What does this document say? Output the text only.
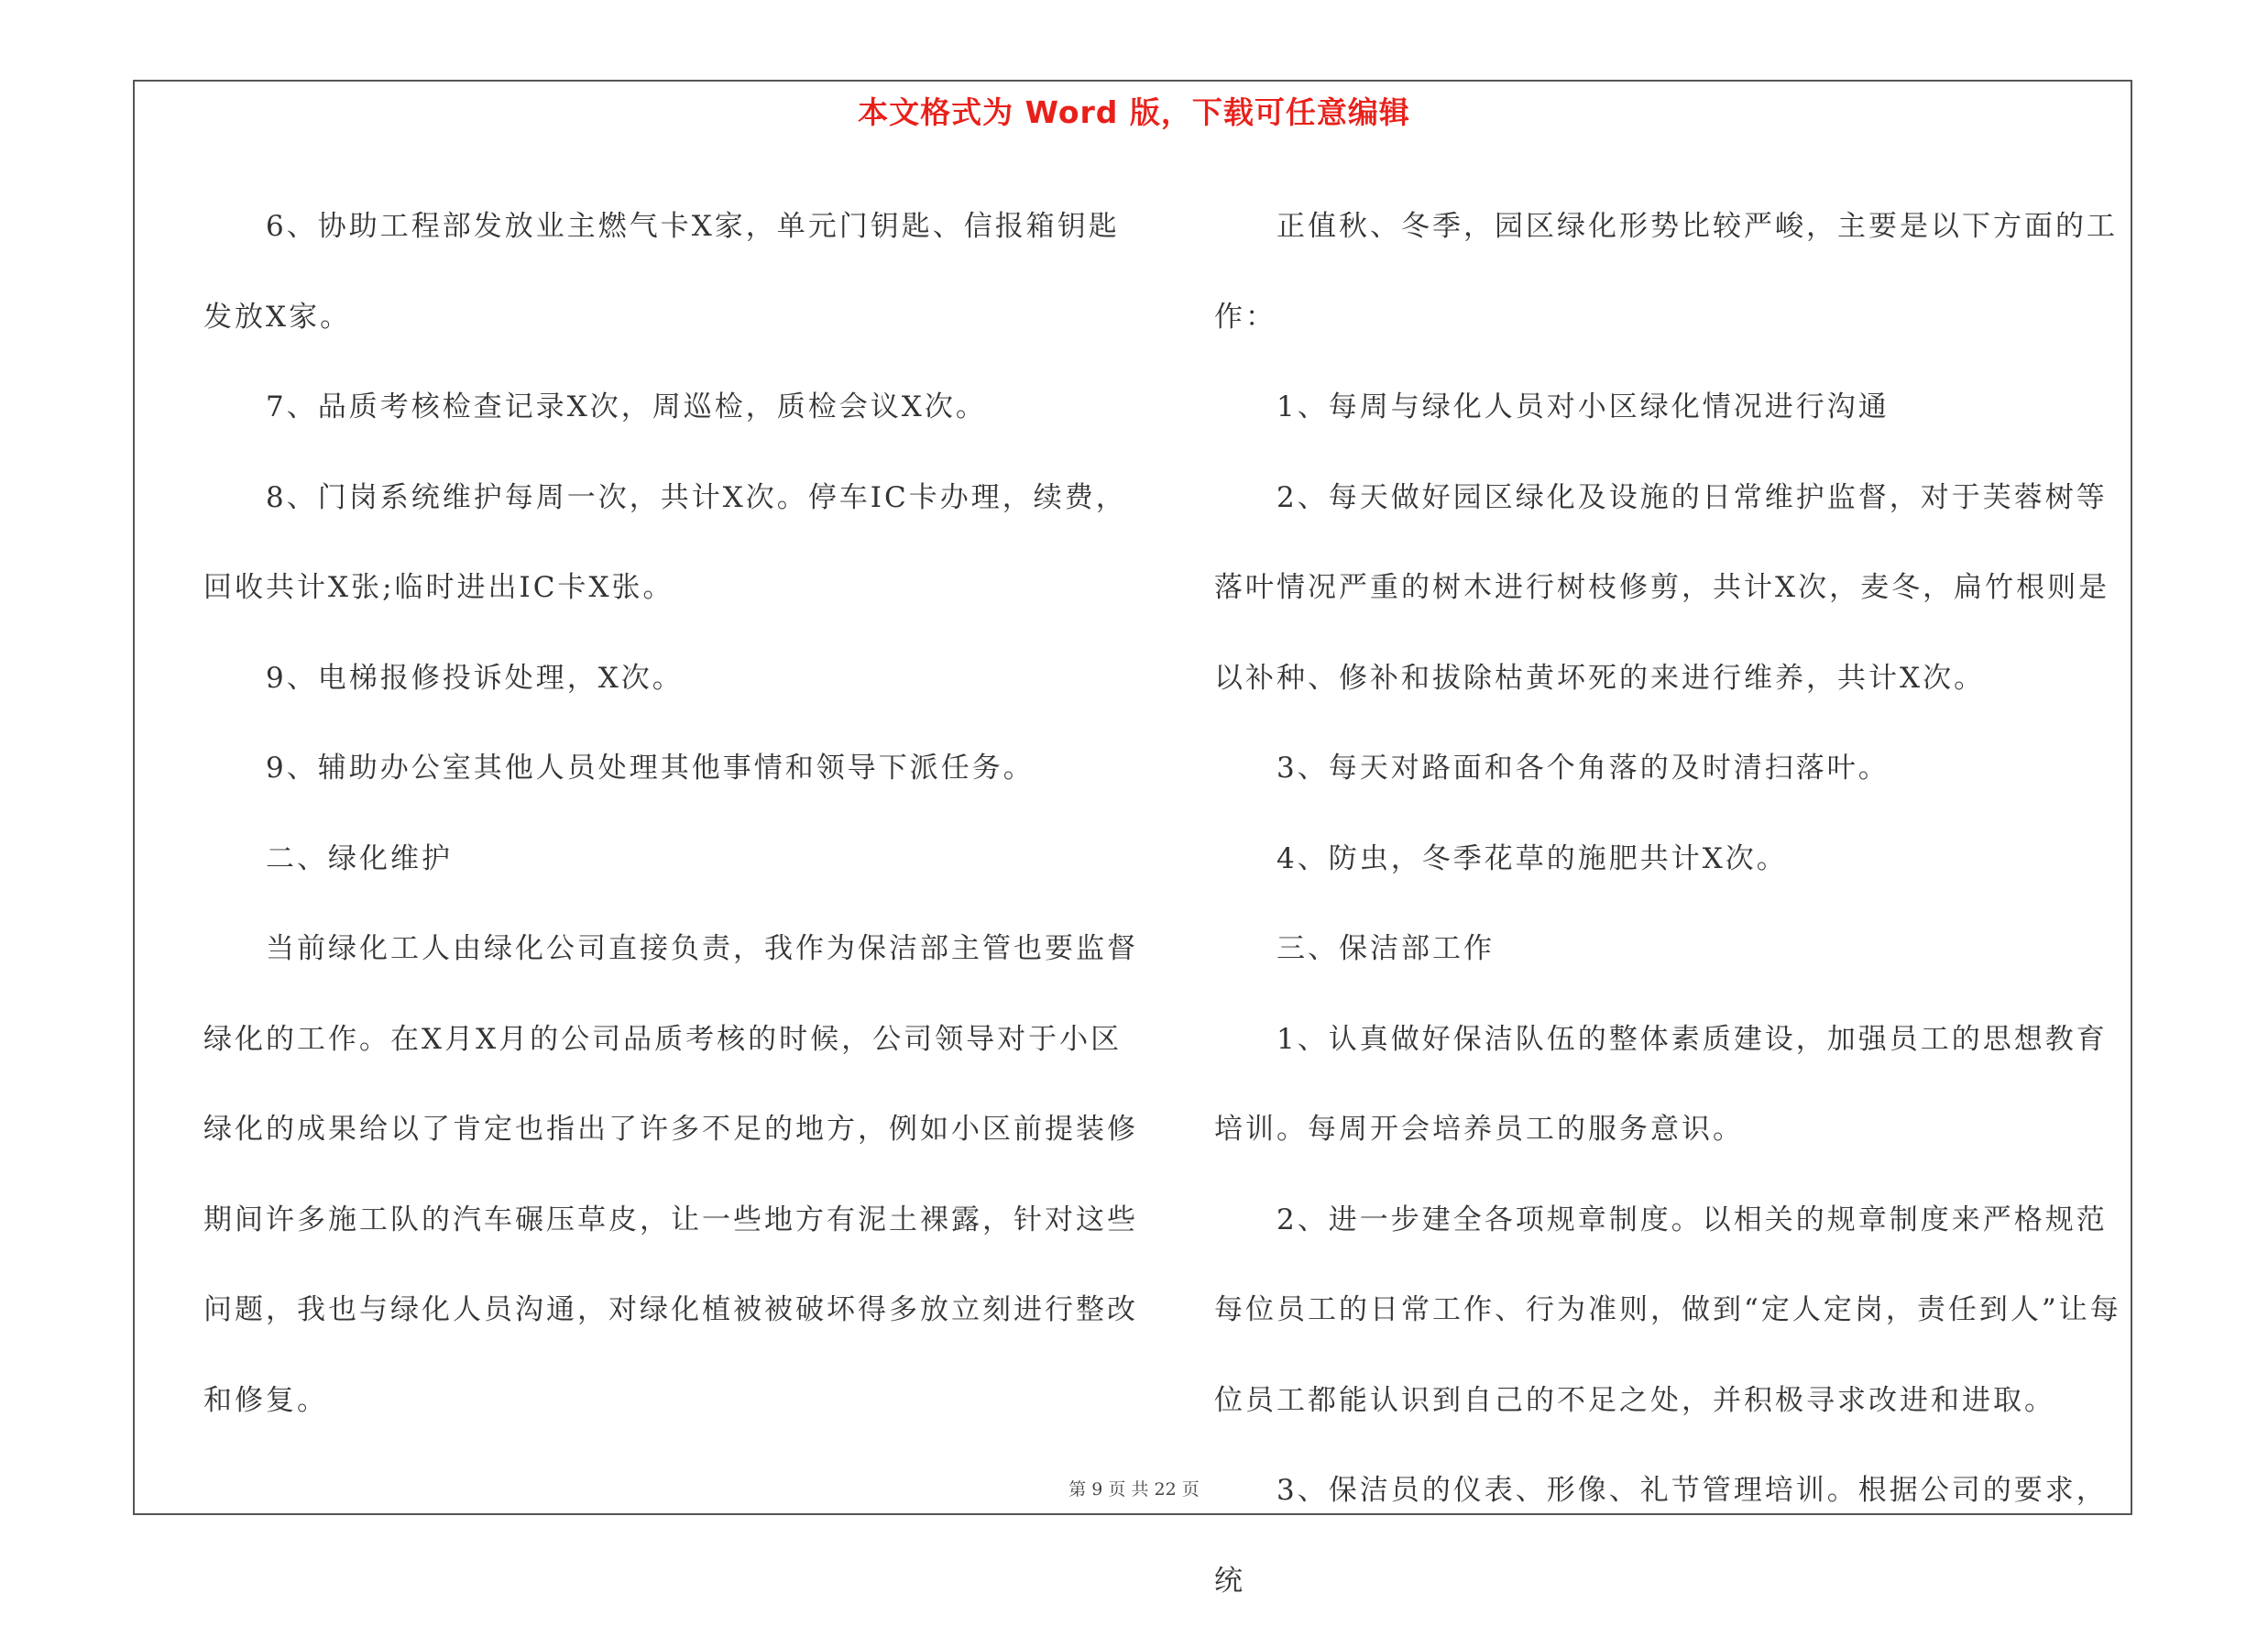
本文格式为 Word 版，下载可任意编辑

6、协助工程部发放业主燃气卡X家，单元门钥匙、信报箱钥匙发放X家。

7、品质考核检查记录X次，周巡检，质检会议X次。

8、门岗系统维护每周一次，共计X次。停车IC卡办理，续费，回收共计X张;临时进出IC卡X张。

9、电梯报修投诉处理，X次。

9、辅助办公室其他人员处理其他事情和领导下派任务。

二、绿化维护

当前绿化工人由绿化公司直接负责，我作为保洁部主管也要监督绿化的工作。在X月X月的公司品质考核的时候，公司领导对于小区绿化的成果给以了肯定也指出了许多不足的地方，例如小区前提装修期间许多施工队的汽车碾压草皮，让一些地方有泥土裸露，针对这些问题，我也与绿化人员沟通，对绿化植被被破坏得多放立刻进行整改和修复。

正值秋、冬季，园区绿化形势比较严峻，主要是以下方面的工作：

1、每周与绿化人员对小区绿化情况进行沟通

2、每天做好园区绿化及设施的日常维护监督，对于芙蓉树等落叶情况严重的树木进行树枝修剪，共计X次，麦冬，扁竹根则是以补种、修补和拔除枯黄坏死的来进行维养，共计X次。

3、每天对路面和各个角落的及时清扫落叶。

4、防虫，冬季花草的施肥共计X次。

三、保洁部工作

1、认真做好保洁队伍的整体素质建设，加强员工的思想教育培训。每周开会培养员工的服务意识。

2、进一步建全各项规章制度。以相关的规章制度来严格规范每位员工的日常工作、行为准则，做到“定人定岗，责任到人”让每位员工都能认识到自己的不足之处，并积极寻求改进和进取。

3、保洁员的仪表、形像、礼节管理培训。根据公司的要求，统

第 9 页 共 22 页
